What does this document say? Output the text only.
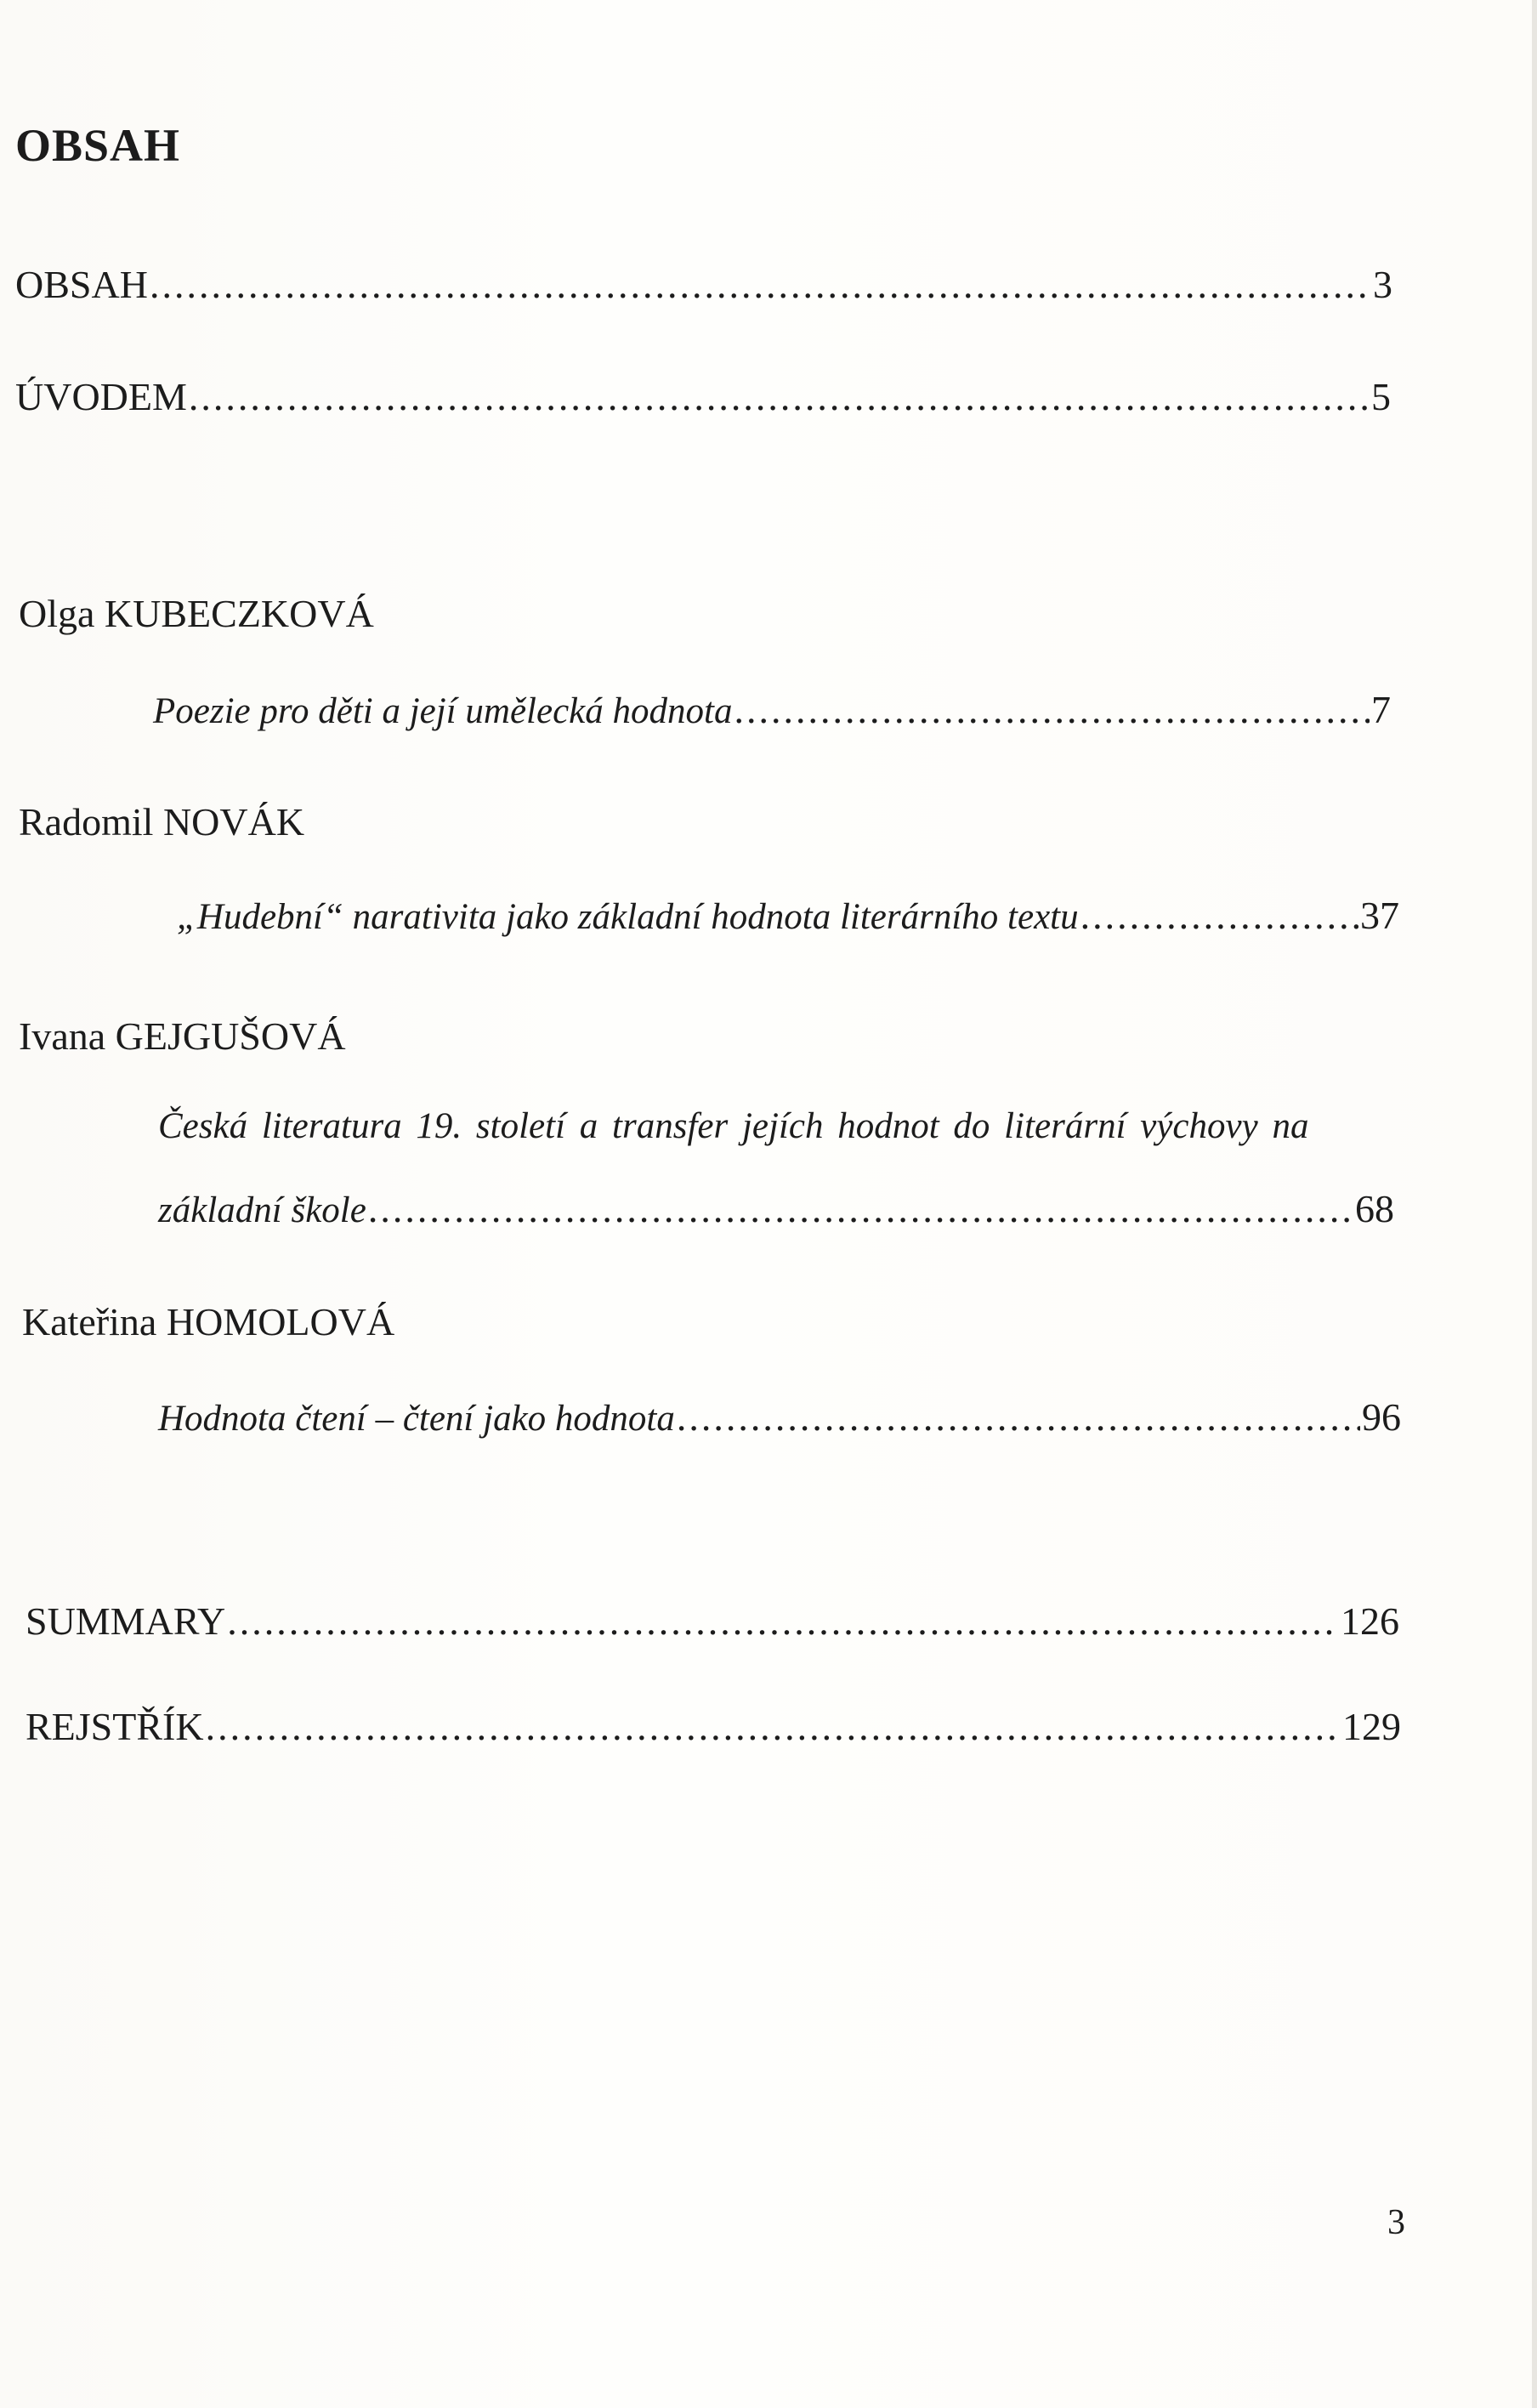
OBSAH
OBSAH .....	3
ÚVODEM .....	5
Olga KUBECZKOVÁ
Poezie pro děti a její umělecká hodnota .....	7
Radomil NOVÁK
„Hudební“ narativita jako základní hodnota literárního textu .....	37
Ivana GEJGUŠOVÁ
Česká literatura 19. století a transfer jejích hodnot do literární výchovy na
základní škole .....	68
Kateřina HOMOLOVÁ
Hodnota čtení – čtení jako hodnota .....	96
SUMMARY .....	126
REJSTŘÍK .....	129
3
